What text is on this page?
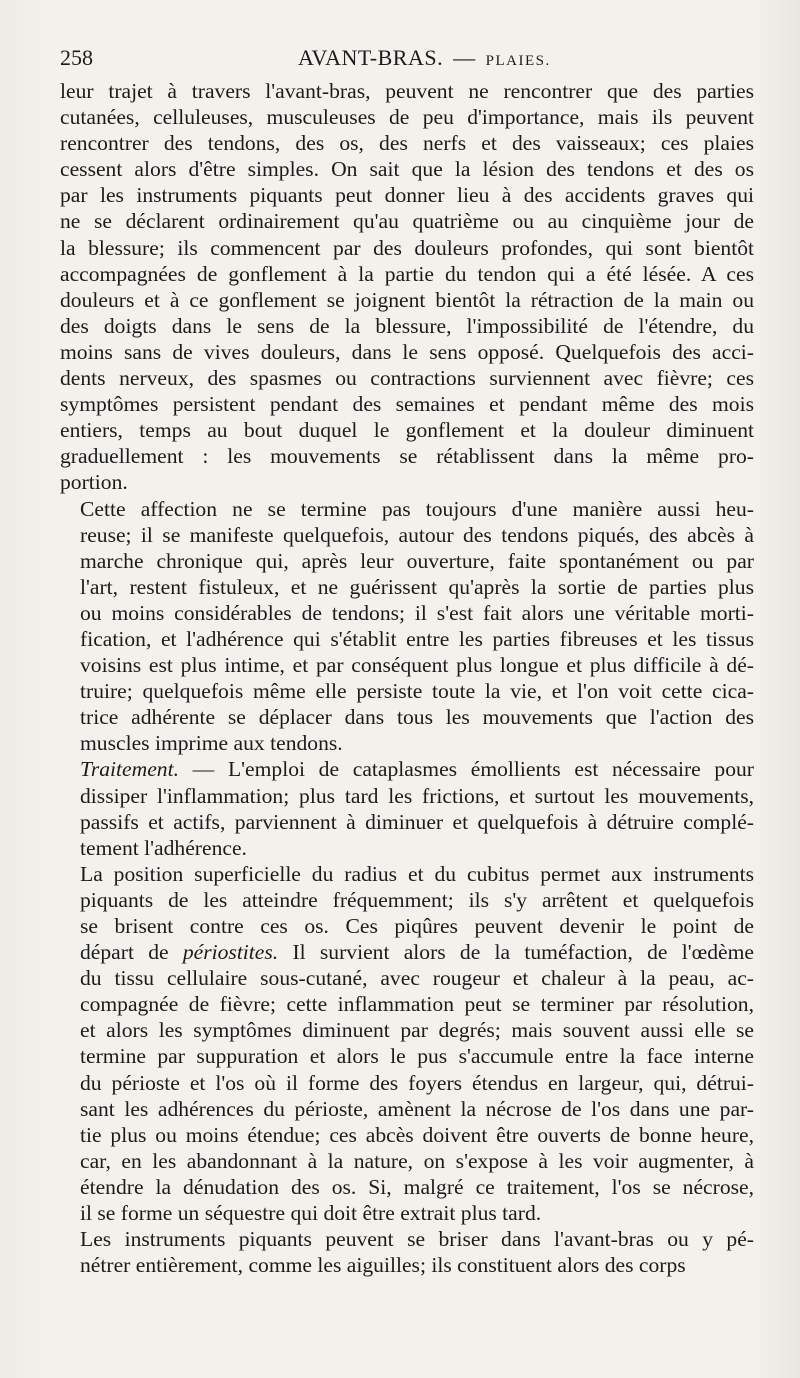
258	AVANT-BRAS. — PLAIES.

leur trajet à travers l'avant-bras, peuvent ne rencontrer que des parties
cutanées, celluleuses, musculeuses de peu d'importance, mais ils peuvent
rencontrer des tendons, des os, des nerfs et des vaisseaux; ces plaies
cessent alors d'être simples. On sait que la lésion des tendons et des os
par les instruments piquants peut donner lieu à des accidents graves qui
ne se déclarent ordinairement qu'au quatrième ou au cinquième jour de
la blessure; ils commencent par des douleurs profondes, qui sont bientôt
accompagnées de gonflement à la partie du tendon qui a été lésée. A ces
douleurs et à ce gonflement se joignent bientôt la rétraction de la main ou
des doigts dans le sens de la blessure, l'impossibilité de l'étendre, du
moins sans de vives douleurs, dans le sens opposé. Quelquefois des acci-
dents nerveux, des spasmes ou contractions surviennent avec fièvre; ces
symptômes persistent pendant des semaines et pendant même des mois
entiers, temps au bout duquel le gonflement et la douleur diminuent
graduellement : les mouvements se rétablissent dans la même pro-
portion.

Cette affection ne se termine pas toujours d'une manière aussi heu-
reuse; il se manifeste quelquefois, autour des tendons piqués, des abcès à
marche chronique qui, après leur ouverture, faite spontanément ou par
l'art, restent fistuleux, et ne guérissent qu'après la sortie de parties plus
ou moins considérables de tendons; il s'est fait alors une véritable morti-
fication, et l'adhérence qui s'établit entre les parties fibreuses et les tissus
voisins est plus intime, et par conséquent plus longue et plus difficile à dé-
truire; quelquefois même elle persiste toute la vie, et l'on voit cette cica-
trice adhérente se déplacer dans tous les mouvements que l'action des
muscles imprime aux tendons.

Traitement. — L'emploi de cataplasmes émollients est nécessaire pour
dissiper l'inflammation; plus tard les frictions, et surtout les mouvements,
passifs et actifs, parviennent à diminuer et quelquefois à détruire complé-
tement l'adhérence.

La position superficielle du radius et du cubitus permet aux instruments
piquants de les atteindre fréquemment; ils s'y arrêtent et quelquefois
se brisent contre ces os. Ces piqûres peuvent devenir le point de
départ de périostites. Il survient alors de la tuméfaction, de l'œdème
du tissu cellulaire sous-cutané, avec rougeur et chaleur à la peau, ac-
compagnée de fièvre; cette inflammation peut se terminer par résolution,
et alors les symptômes diminuent par degrés; mais souvent aussi elle se
termine par suppuration et alors le pus s'accumule entre la face interne
du périoste et l'os où il forme des foyers étendus en largeur, qui, détrui-
sant les adhérences du périoste, amènent la nécrose de l'os dans une par-
tie plus ou moins étendue; ces abcès doivent être ouverts de bonne heure,
car, en les abandonnant à la nature, on s'expose à les voir augmenter, à
étendre la dénudation des os. Si, malgré ce traitement, l'os se nécrose,
il se forme un séquestre qui doit être extrait plus tard.

Les instruments piquants peuvent se briser dans l'avant-bras ou y pé-
nétrer entièrement, comme les aiguilles; ils constituent alors des corps
